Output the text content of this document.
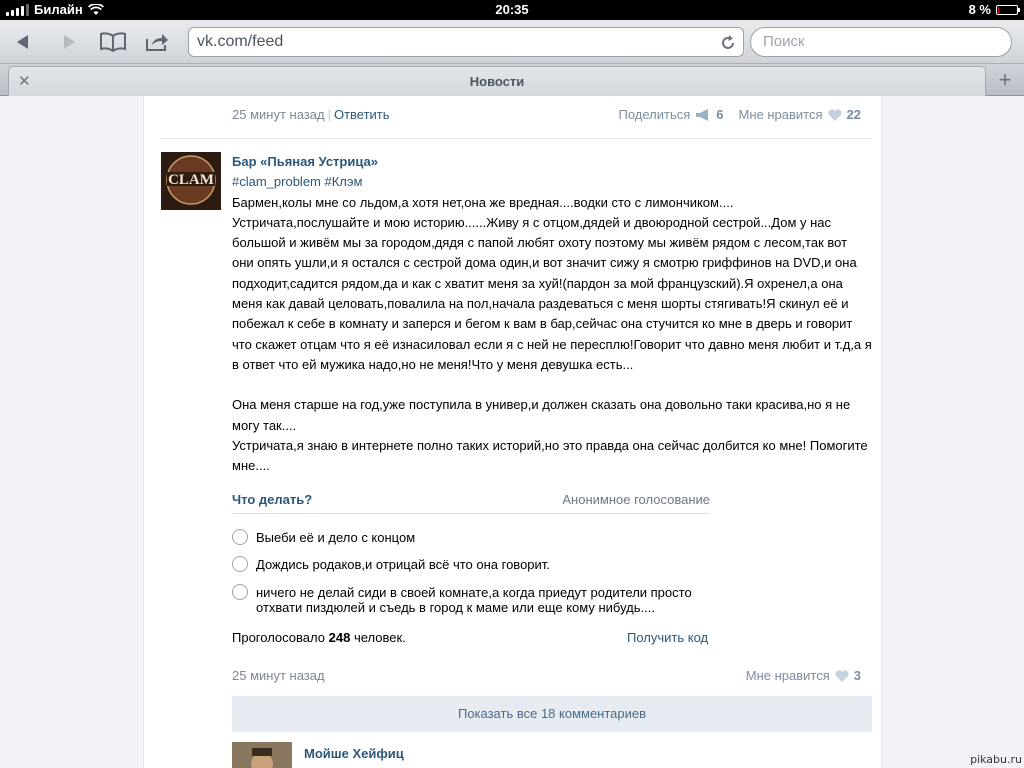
Билайн	20:35	8 %
vk.com/feed	Поиск
✕	Новости	+
25 минут назад | Ответить	Поделиться 6 Мне нравится 22
CLAM
Бар «Пьяная Устрица»
#clam_problem #Клэм

Бармен,колы мне со льдом,а хотя нет,она же вредная....водки сто с лимончиком....
Устричата,послушайте и мою историю......Живу я с отцом,дядей и двоюродной сестрой...Дом у нас большой и живём мы за городом,дядя с папой любят охоту поэтому мы живём рядом с лесом,так вот они опять ушли,и я остался с сестрой дома один,и вот значит сижу я смотрю гриффинов на DVD,и она подходит,садится рядом,да и как с хватит меня за хуй!(пардон за мой французский).Я охренел,а она меня как давай целовать,повалила на пол,начала раздеваться с меня шорты стягивать!Я скинул её и побежал к себе в комнату и заперся и бегом к вам в бар,сейчас она стучится ко мне в дверь и говорит что скажет отцам что я её изнасиловал если я с ней не пересплю!Говорит что давно меня любит и т.д,а я в ответ что ей мужика надо,но не меня!Что у меня девушка есть...

Она меня старше на год,уже поступила в универ,и должен сказать она довольно таки красива,но я не могу так....
Устричата,я знаю в интернете полно таких историй,но это правда она сейчас долбится ко мне! Помогите мне....

Что делать?	Анонимное голосование
Выеби её и дело с концом
Дождись родаков,и отрицай всё что она говорит.
ничего не делай сиди в своей комнате,а когда приедут родители просто отхвати пиздюлей и съедь в город к маме или еще кому нибудь....
Проголосовало 248 человек.	Получить код
25 минут назад	Мне нравится 3
Показать все 18 комментариев
Мойше Хейфиц	pikabu.ru
